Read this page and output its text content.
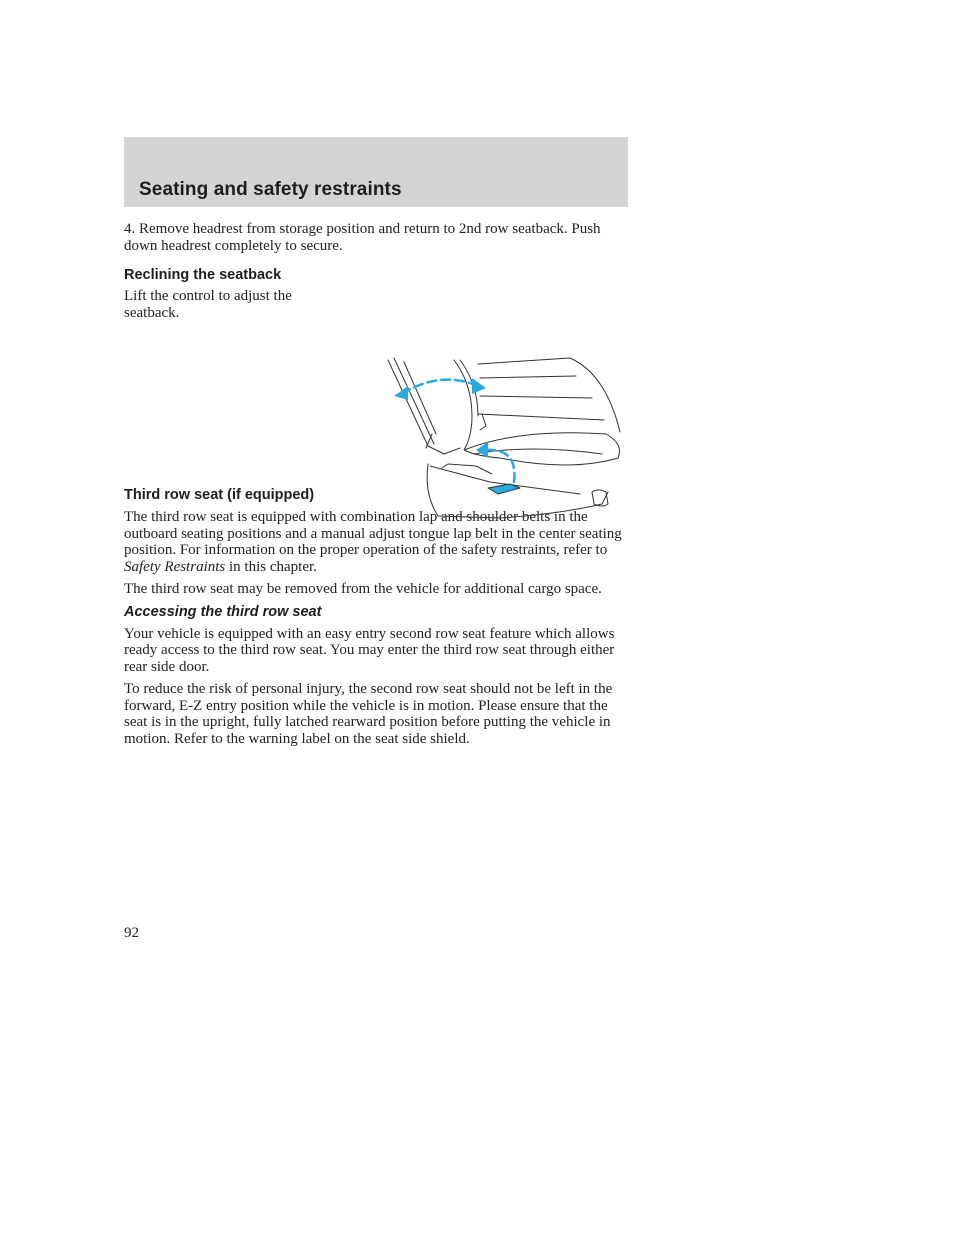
Seating and safety restraints

4. Remove headrest from storage position and return to 2nd row seatback. Push down headrest completely to secure.

Reclining the seatback

Lift the control to adjust the seatback.

Third row seat (if equipped)

The third row seat is equipped with combination lap and shoulder belts in the outboard seating positions and a manual adjust tongue lap belt in the center seating position. For information on the proper operation of the safety restraints, refer to Safety Restraints in this chapter.

The third row seat may be removed from the vehicle for additional cargo space.

Accessing the third row seat

Your vehicle is equipped with an easy entry second row seat feature which allows ready access to the third row seat. You may enter the third row seat through either rear side door.

To reduce the risk of personal injury, the second row seat should not be left in the forward, E-Z entry position while the vehicle is in motion. Please ensure that the seat is in the upright, fully latched rearward position before putting the vehicle in motion. Refer to the warning label on the seat side shield.

92
